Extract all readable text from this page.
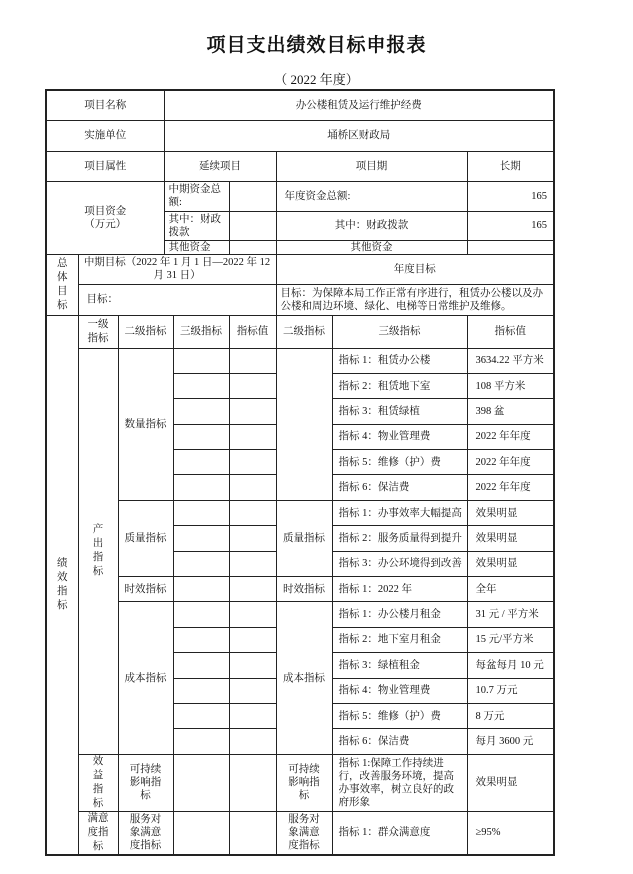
项目支出绩效目标申报表
（ 2022 年度）
项目名称			办公楼租赁及运行维护经费					
实施单位			埇桥区财政局					
项目属性			延续项目			项目期		长期

项目资金（万元）			中期资金总额:			年度资金总额:		165
			其中：财政拨款			其中：财政拨款		165
			其他资金			其他资金		

总体目标	中期目标（2022 年 1 月 1 日—2022 年 12 月 31 日）					年度目标		
	目标：					目标：为保障本局工作正常有序进行，租赁办公楼以及办公楼和周边环境、绿化、电梯等日常维护及维修。		

绩效指标	一级指标	二级指标		三级指标	指标值	二级指标	三级指标	指标值

	产出指标	数量指标					指标 1：租赁办公楼	3634.22 平方米
							指标 2：租赁地下室	108 平方米
							指标 3：租赁绿植	398 盆
							指标 4：物业管理费	2022 年年度
							指标 5：维修（护）费	2022 年年度
							指标 6：保洁费	2022 年年度
		质量指标				质量指标	指标 1：办事效率大幅提高	效果明显
							指标 2：服务质量得到提升	效果明显
							指标 3：办公环境得到改善	效果明显
		时效指标				时效指标	指标 1：2022 年	全年
		成本指标				成本指标	指标 1：办公楼月租金	31 元 / 平方米
							指标 2：地下室月租金	15 元/平方米
							指标 3：绿植租金	每盆每月 10 元
							指标 4：物业管理费	10.7 万元
							指标 5：维修（护）费	8 万元
							指标 6：保洁费	每月 3600 元

	效益指标	可持续影响指标				可持续影响指标	指标 1:保障工作持续进行，改善服务环境，提高办事效率，树立良好的政府形象	效果明显

	满意度指标	服务对象满意度指标				服务对象满意度指标	指标 1：群众满意度	≥95%
